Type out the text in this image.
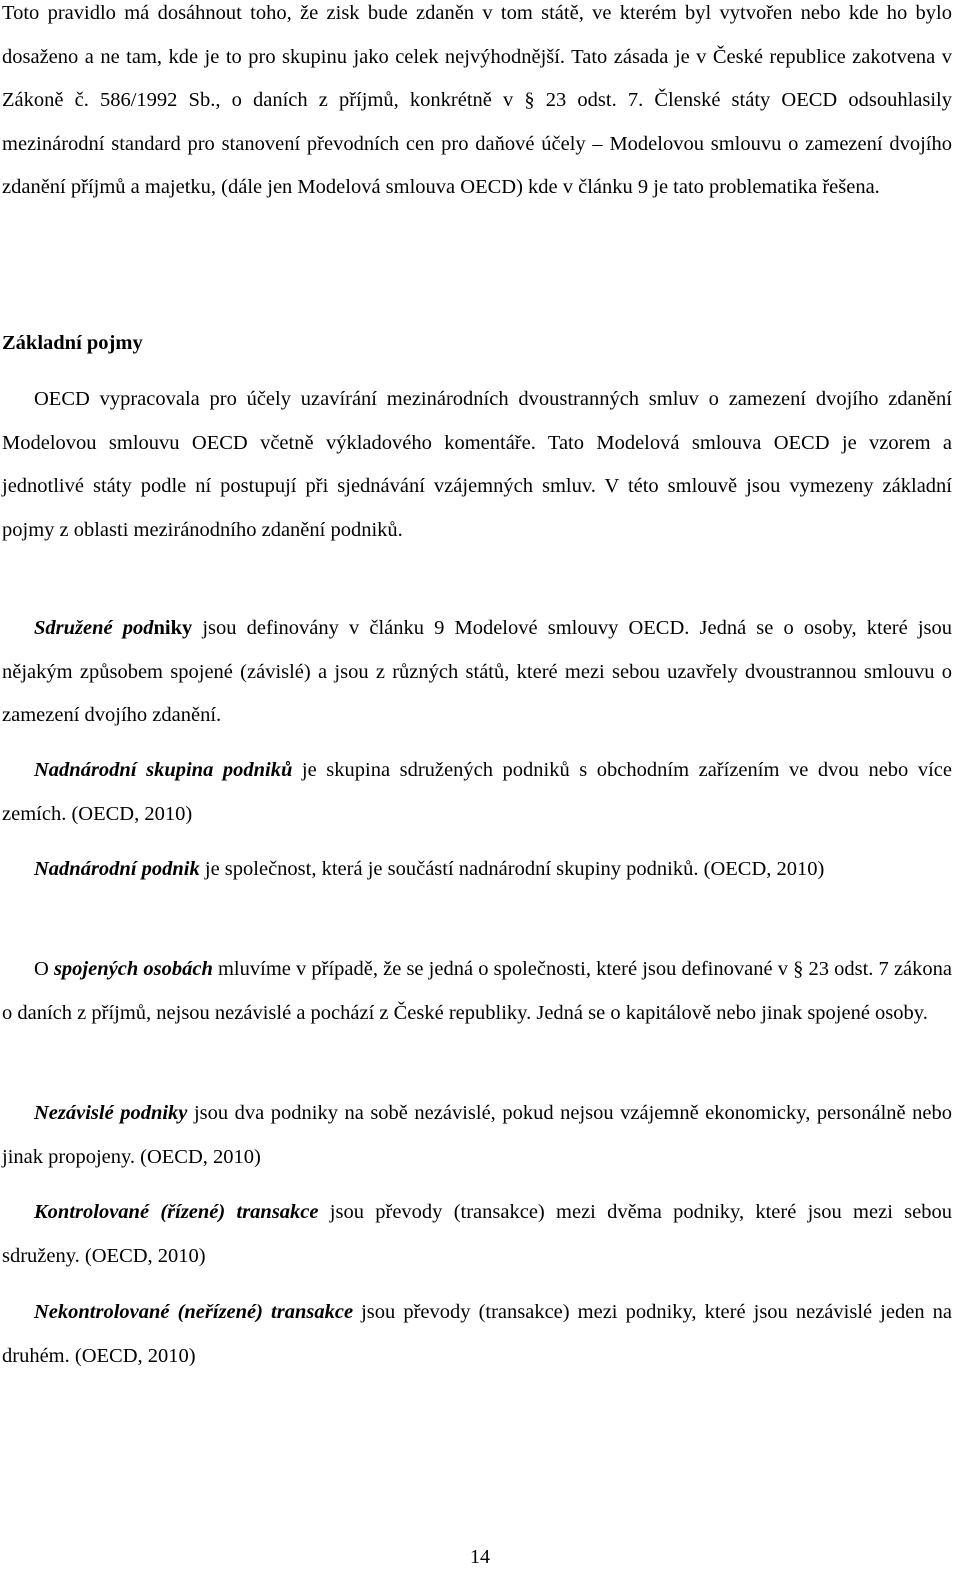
Toto pravidlo má dosáhnout toho, že zisk bude zdaněn v tom státě, ve kterém byl vytvořen nebo kde ho bylo dosaženo a ne tam, kde je to pro skupinu jako celek nejvýhodnější. Tato zásada je v České republice zakotvena v Zákoně č. 586/1992 Sb., o daních z příjmů, konkrétně v § 23 odst. 7. Členské státy OECD odsouhlasily mezinárodní standard pro stanovení převodních cen pro daňové účely – Modelovou smlouvu o zamezení dvojího zdanění příjmů a majetku, (dále jen Modelová smlouva OECD) kde v článku 9 je tato problematika řešena.

Základní pojmy

OECD vypracovala pro účely uzavírání mezinárodních dvoustranných smluv o zamezení dvojího zdanění Modelovou smlouvu OECD včetně výkladového komentáře. Tato Modelová smlouva OECD je vzorem a jednotlivé státy podle ní postupují při sjednávání vzájemných smluv. V této smlouvě jsou vymezeny základní pojmy z oblasti meziránodního zdanění podniků.

Sdružené podniky jsou definovány v článku 9 Modelové smlouvy OECD. Jedná se o osoby, které jsou nějakým způsobem spojené (závislé) a jsou z různých států, které mezi sebou uzavřely dvoustrannou smlouvu o zamezení dvojího zdanění.

Nadnárodní skupina podniků je skupina sdružených podniků s obchodním zařízením ve dvou nebo více zemích. (OECD, 2010)

Nadnárodní podnik je společnost, která je součástí nadnárodní skupiny podniků. (OECD, 2010)

O spojených osobách mluvíme v případě, že se jedná o společnosti, které jsou definované v § 23 odst. 7 zákona o daních z příjmů, nejsou nezávislé a pochází z České republiky. Jedná se o kapitálově nebo jinak spojené osoby.

Nezávislé podniky jsou dva podniky na sobě nezávislé, pokud nejsou vzájemně ekonomicky, personálně nebo jinak propojeny. (OECD, 2010)

Kontrolované (řízené) transakce jsou převody (transakce) mezi dvěma podniky, které jsou mezi sebou sdruženy. (OECD, 2010)

Nekontrolované (neřízené) transakce jsou převody (transakce) mezi podniky, které jsou nezávislé jeden na druhém. (OECD, 2010)

14
